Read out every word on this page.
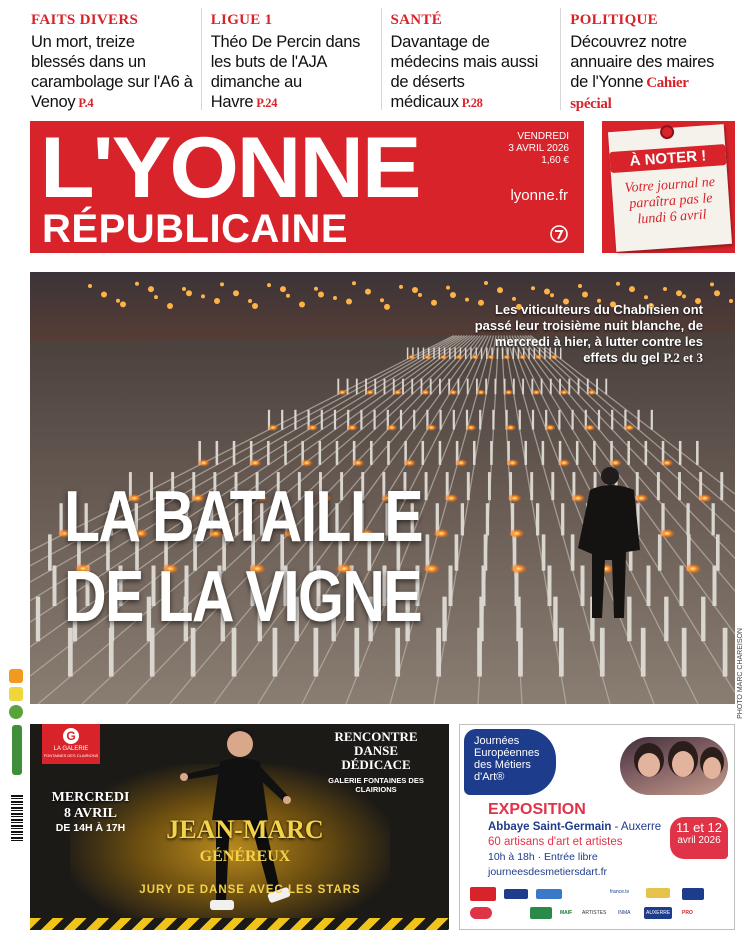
FAITS DIVERS
Un mort, treize blessés dans un carambolage sur l'A6 à Venoy P.4
LIGUE 1
Théo De Percin dans les buts de l'AJA dimanche au Havre P.24
SANTÉ
Davantage de médecins mais aussi de déserts médicaux P.28
POLITIQUE
Découvrez notre annuaire des maires de l'Yonne Cahier spécial
L'YONNE
RÉPUBLICAINE
VENDREDI
3 AVRIL 2026
1,60 €
lyonne.fr
À NOTER !
Votre journal ne paraîtra pas le lundi 6 avril
Les viticulteurs du Chablisien ont passé leur troisième nuit blanche, de mercredi à hier, à lutter contre les effets du gel P.2 et 3
LA BATAILLE
DE LA VIGNE
PHOTO MARC CHAREISON
G
LA GALERIE
FONTAINES DES CLAIRIONS
MERCREDI
8 AVRIL
DE 14H À 17H
RENCONTRE DANSE DÉDICACE
GALERIE FONTAINES DES CLAIRIONS
JEAN-MARC
GÉNÉREUX
JURY DE DANSE AVEC LES STARS
Journées Européennes des Métiers d'Art®
EXPOSITION
Abbaye Saint-Germain - Auxerre
60 artisans d'art et artistes
10h à 18h · Entrée libre
journeesdesmetiersdart.fr
11 et 12
avril 2026
france.tv
MAIF ARTISTES INMA	AUXERRE PRO
